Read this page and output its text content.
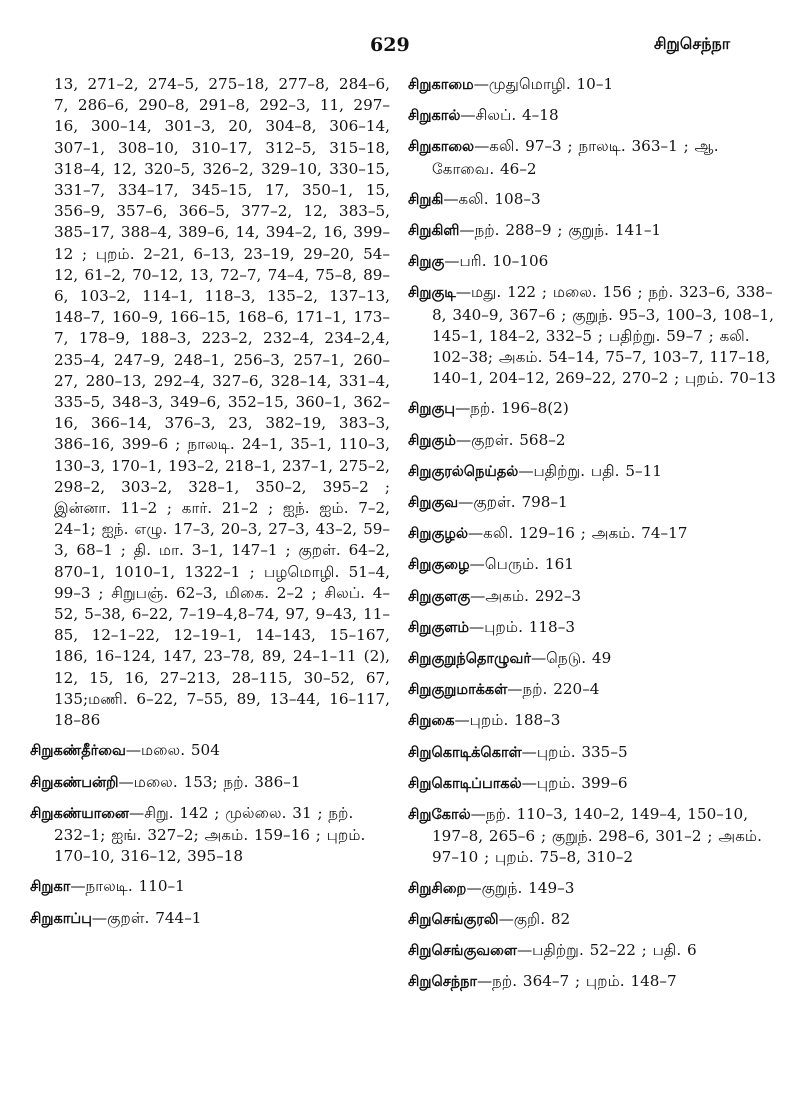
629	சிறுசெந்நா
13, 271–2, 274–5, 275–18, 277–8, 284–6, 7, 286–6, 290–8, 291–8, 292–3, 11, 297–16, 300–14, 301–3, 20, 304–8, 306–14, 307–1, 308–10, 310–17, 312–5, 315–18, 318–4, 12, 320–5, 326–2, 329–10, 330–15, 331–7, 334–17, 345–15, 17, 350–1, 15, 356–9, 357–6, 366–5, 377–2, 12, 383–5, 385–17, 388–4, 389–6, 14, 394–2, 16, 399–12 ; புறம். 2–21, 6–13, 23–19, 29–20, 54–12, 61–2, 70–12, 13, 72–7, 74–4, 75–8, 89–6, 103–2, 114–1, 118–3, 135–2, 137–13, 148–7, 160–9, 166–15, 168–6, 171–1, 173–7, 178–9, 188–3, 223–2, 232–4, 234–2,4, 235–4, 247–9, 248–1, 256–3, 257–1, 260–27, 280–13, 292–4, 327–6, 328–14, 331–4, 335–5, 348–3, 349–6, 352–15, 360–1, 362–16, 366–14, 376–3, 23, 382–19, 383–3, 386–16, 399–6 ; நாலடி. 24–1, 35–1, 110–3, 130–3, 170–1, 193–2, 218–1, 237–1, 275–2, 298–2, 303–2, 328–1, 350–2, 395–2 ; இன்னா. 11–2 ; கார். 21–2 ; ஐந். ஐம். 7–2, 24–1; ஐந். எழு. 17–3, 20–3, 27–3, 43–2, 59–3, 68–1 ; தி. மா. 3–1, 147–1 ; குறள். 64–2, 870–1, 1010–1, 1322–1 ; பழமொழி. 51–4, 99–3 ; சிறுபஞ். 62–3, மிகை. 2–2 ; சிலப். 4–52, 5–38, 6–22, 7–19–4,8–74, 97, 9–43, 11–85, 12–1–22, 12–19–1, 14–143, 15–167, 186, 16–124, 147, 23–78, 89, 24–1–11 (2), 12, 15, 16, 27–213, 28–115, 30–52, 67, 135;மணி. 6–22, 7–55, 89, 13–44, 16–117, 18–86
சிறுகண்தீர்வை—மலை. 504
சிறுகண்பன்றி—மலை. 153; நற். 386–1
சிறுகண்யானை—சிறு. 142 ; முல்லை. 31 ; நற். 232–1; ஐங். 327–2; அகம். 159–16 ; புறம். 170–10, 316–12, 395–18
சிறுகா—நாலடி. 110–1
சிறுகாப்பு—குறள். 744–1
சிறுகாமை—முதுமொழி. 10–1
சிறுகால்—சிலப். 4–18
சிறுகாலை—கலி. 97–3 ; நாலடி. 363–1 ; ஆ. கோவை. 46–2
சிறுகி—கலி. 108–3
சிறுகிளி—நற். 288–9 ; குறுந். 141–1
சிறுகு—பரி. 10–106
சிறுகுடி—மது. 122 ; மலை. 156 ; நற். 323–6, 338–8, 340–9, 367–6 ; குறுந். 95–3, 100–3, 108–1, 145–1, 184–2, 332–5 ; பதிற்று. 59–7 ; கலி. 102–38; அகம். 54–14, 75–7, 103–7, 117–18, 140–1, 204–12, 269–22, 270–2 ; புறம். 70–13
சிறுகுபு—நற். 196–8(2)
சிறுகும்—குறள். 568–2
சிறுகுரல்நெய்தல்—பதிற்று. பதி. 5–11
சிறுகுவ—குறள். 798–1
சிறுகுழல்—கலி. 129–16 ; அகம். 74–17
சிறுகுழை—பெரும். 161
சிறுகுளகு—அகம். 292–3
சிறுகுளம்—புறம். 118–3
சிறுகுறுந்தொழுவர்—நெடு. 49
சிறுகுறுமாக்கள்—நற். 220–4
சிறுகை—புறம். 188–3
சிறுகொடிக்கொள்—புறம். 335–5
சிறுகொடிப்பாகல்—புறம். 399–6
சிறுகோல்—நற். 110–3, 140–2, 149–4, 150–10, 197–8, 265–6 ; குறுந். 298–6, 301–2 ; அகம். 97–10 ; புறம். 75–8, 310–2
சிறுசிறை—குறுந். 149–3
சிறுசெங்குரலி—குறி. 82
சிறுசெங்குவளை—பதிற்று. 52–22 ; பதி. 6
சிறுசெந்நா—நற். 364–7 ; புறம். 148–7
